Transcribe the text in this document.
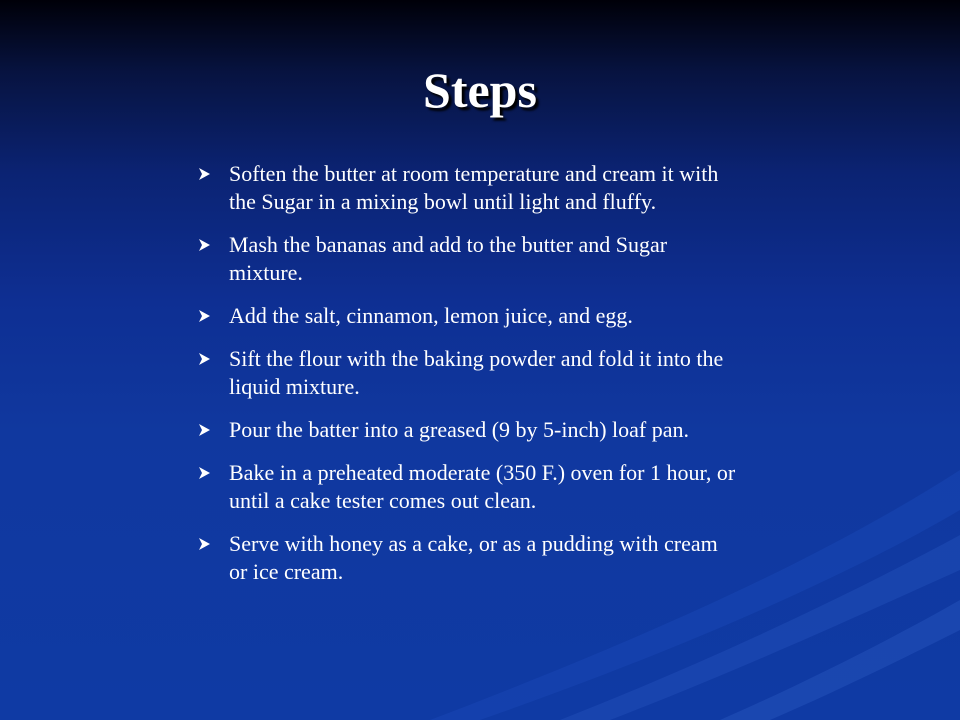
Steps
Soften the butter at room temperature and cream it with the Sugar in a mixing bowl until light and fluffy.
Mash the bananas and add to the butter and Sugar mixture.
Add the salt, cinnamon, lemon juice, and egg.
Sift the flour with the baking powder and fold it into the liquid mixture.
Pour the batter into a greased (9 by 5-inch) loaf pan.
Bake in a preheated moderate (350 F.) oven for 1 hour, or until a cake tester comes out clean.
Serve with honey as a cake, or as a pudding with cream or ice cream.
